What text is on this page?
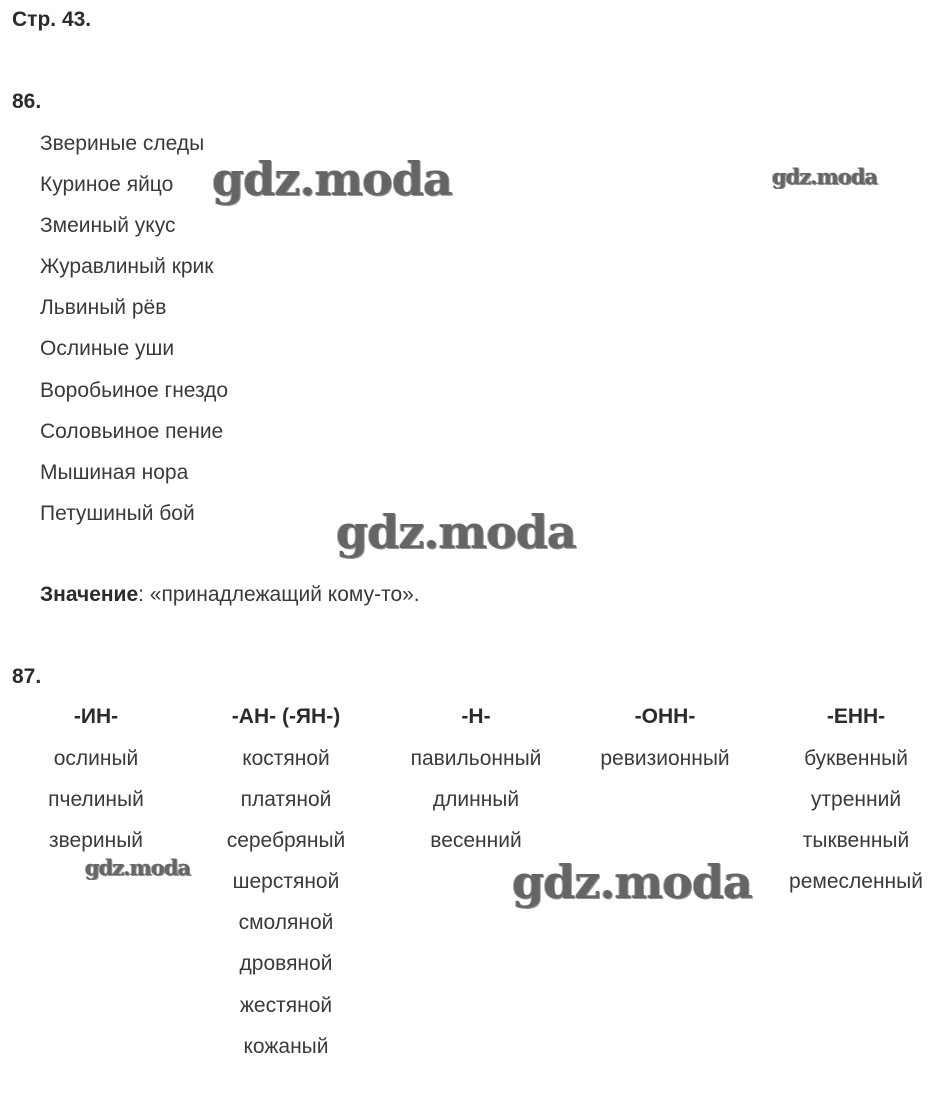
Стр. 43.
86.
Звериные следы
Куриное яйцо
Змеиный укус
Журавлиный крик
Львиный рёв
Ослиные уши
Воробьиное гнездо
Соловьиное пение
Мышиная нора
Петушиный бой
Значение: «принадлежащий кому-то».
87.
-ИН-
ослиный
пчелиный
звериный
-АН- (-ЯН-)
костяной
платяной
серебряный
шерстяной
смоляной
дровяной
жестяной
кожаный
-Н-
павильонный
длинный
весенний
-ОНН-
ревизионный
-ЕНН-
буквенный
утренний
тыквенный
ремесленный
gdz.moda	gdz.moda
gdz.moda
gdz.moda	gdz.moda
